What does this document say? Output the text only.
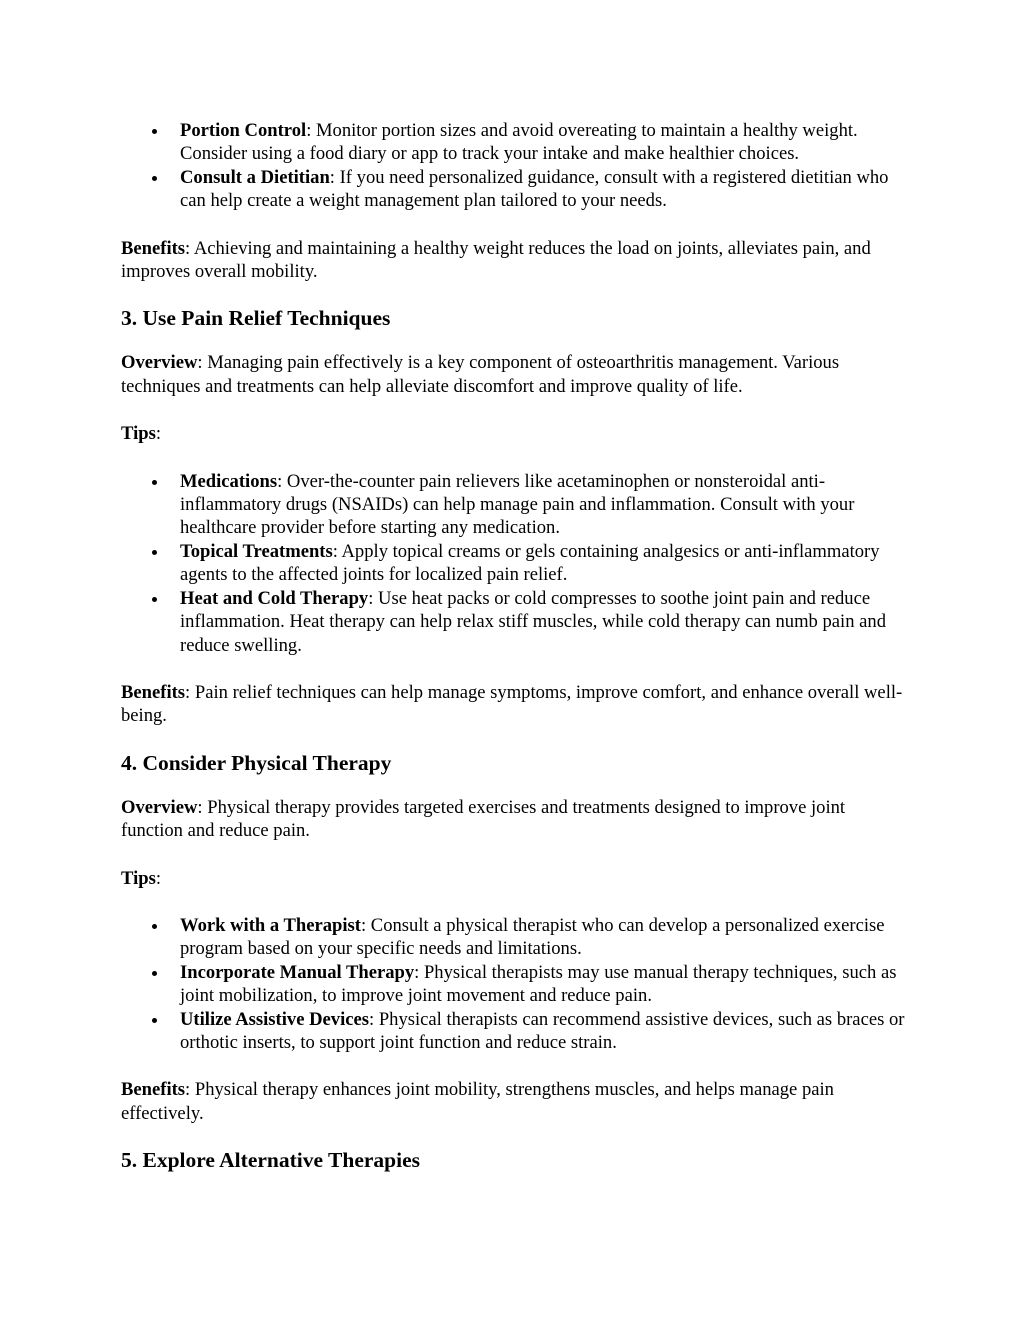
Portion Control: Monitor portion sizes and avoid overeating to maintain a healthy weight. Consider using a food diary or app to track your intake and make healthier choices.
Consult a Dietitian: If you need personalized guidance, consult with a registered dietitian who can help create a weight management plan tailored to your needs.

Benefits: Achieving and maintaining a healthy weight reduces the load on joints, alleviates pain, and improves overall mobility.

3. Use Pain Relief Techniques

Overview: Managing pain effectively is a key component of osteoarthritis management. Various techniques and treatments can help alleviate discomfort and improve quality of life.

Tips:

Medications: Over-the-counter pain relievers like acetaminophen or nonsteroidal anti-inflammatory drugs (NSAIDs) can help manage pain and inflammation. Consult with your healthcare provider before starting any medication.
Topical Treatments: Apply topical creams or gels containing analgesics or anti-inflammatory agents to the affected joints for localized pain relief.
Heat and Cold Therapy: Use heat packs or cold compresses to soothe joint pain and reduce inflammation. Heat therapy can help relax stiff muscles, while cold therapy can numb pain and reduce swelling.

Benefits: Pain relief techniques can help manage symptoms, improve comfort, and enhance overall well-being.

4. Consider Physical Therapy

Overview: Physical therapy provides targeted exercises and treatments designed to improve joint function and reduce pain.

Tips:

Work with a Therapist: Consult a physical therapist who can develop a personalized exercise program based on your specific needs and limitations.
Incorporate Manual Therapy: Physical therapists may use manual therapy techniques, such as joint mobilization, to improve joint movement and reduce pain.
Utilize Assistive Devices: Physical therapists can recommend assistive devices, such as braces or orthotic inserts, to support joint function and reduce strain.

Benefits: Physical therapy enhances joint mobility, strengthens muscles, and helps manage pain effectively.

5. Explore Alternative Therapies
